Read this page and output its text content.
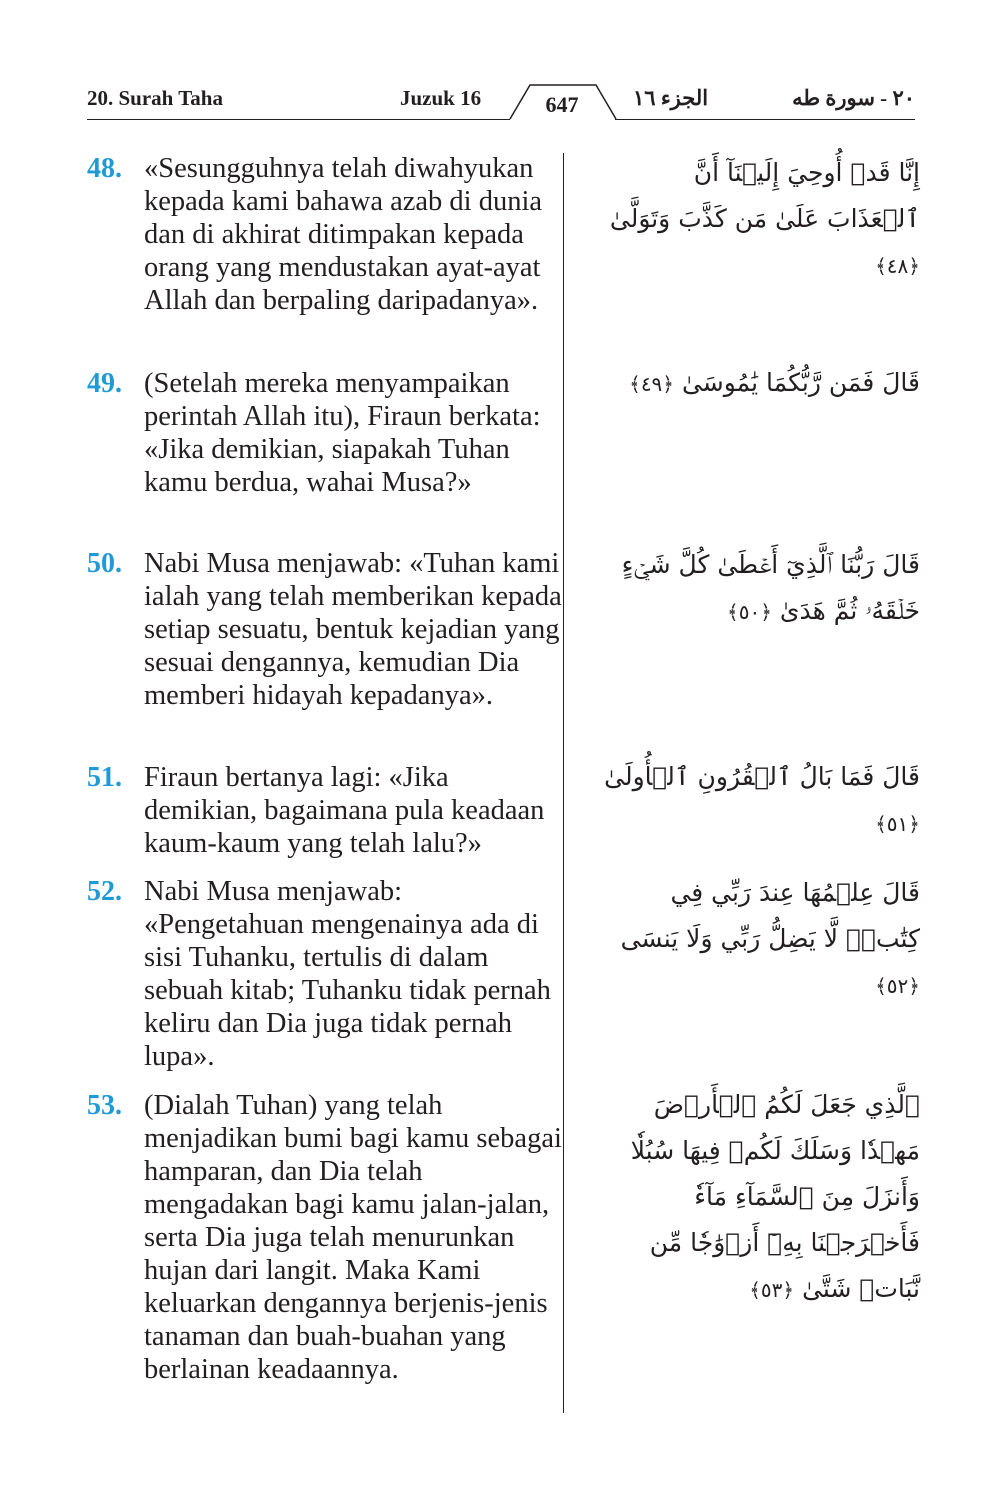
20. Surah Taha	Juzuk 16	647	الجزء ١٦	٢٠ - سورة طه
48. «Sesungguhnya telah diwahyukan kepada kami bahawa azab di dunia dan di akhirat ditimpakan kepada orang yang mendustakan ayat-ayat Allah dan berpaling daripadanya».
إِنَّا قَدۡ أُوحِيَ إِلَيۡنَآ أَنَّ ٱلۡعَذَابَ عَلَىٰ مَن كَذَّبَ وَتَوَلَّىٰ ﴿٤٨﴾
49. (Setelah mereka menyampaikan perintah Allah itu), Firaun berkata: «Jika demikian, siapakah Tuhan kamu berdua, wahai Musa?»
قَالَ فَمَن رَّبُّكُمَا يَٰمُوسَىٰ ﴿٤٩﴾
50. Nabi Musa menjawab: «Tuhan kami ialah yang telah memberikan kepada setiap sesuatu, bentuk kejadian yang sesuai dengannya, kemudian Dia memberi hidayah kepadanya».
قَالَ رَبُّنَا ٱلَّذِيٓ أَعۡطَىٰ كُلَّ شَيۡءٍ خَلۡقَهُۥ ثُمَّ هَدَىٰ ﴿٥٠﴾
51. Firaun bertanya lagi: «Jika demikian, bagaimana pula keadaan kaum-kaum yang telah lalu?»
قَالَ فَمَا بَالُ ٱلۡقُرُونِ ٱلۡأُولَىٰ ﴿٥١﴾
52. Nabi Musa menjawab: «Pengetahuan mengenainya ada di sisi Tuhanku, tertulis di dalam sebuah kitab; Tuhanku tidak pernah keliru dan Dia juga tidak pernah lupa».
قَالَ عِلۡمُهَا عِندَ رَبِّي فِي كِتَٰبٖۖ لَّا يَضِلُّ رَبِّي وَلَا يَنسَى ﴿٥٢﴾
53. (Dialah Tuhan) yang telah menjadikan bumi bagi kamu sebagai hamparan, dan Dia telah mengadakan bagi kamu jalan-jalan, serta Dia juga telah menurunkan hujan dari langit. Maka Kami keluarkan dengannya berjenis-jenis tanaman dan buah-buahan yang berlainan keadaannya.
ٱلَّذِي جَعَلَ لَكُمُ ٱلۡأَرۡضَ مَهۡدٗا وَسَلَكَ لَكُمۡ فِيهَا سُبُلٗا وَأَنزَلَ مِنَ ٱلسَّمَآءِ مَآءٗ فَأَخۡرَجۡنَا بِهِۦٓ أَزۡوَٰجٗا مِّن نَّبَاتٖ شَتَّىٰ ﴿٥٣﴾
